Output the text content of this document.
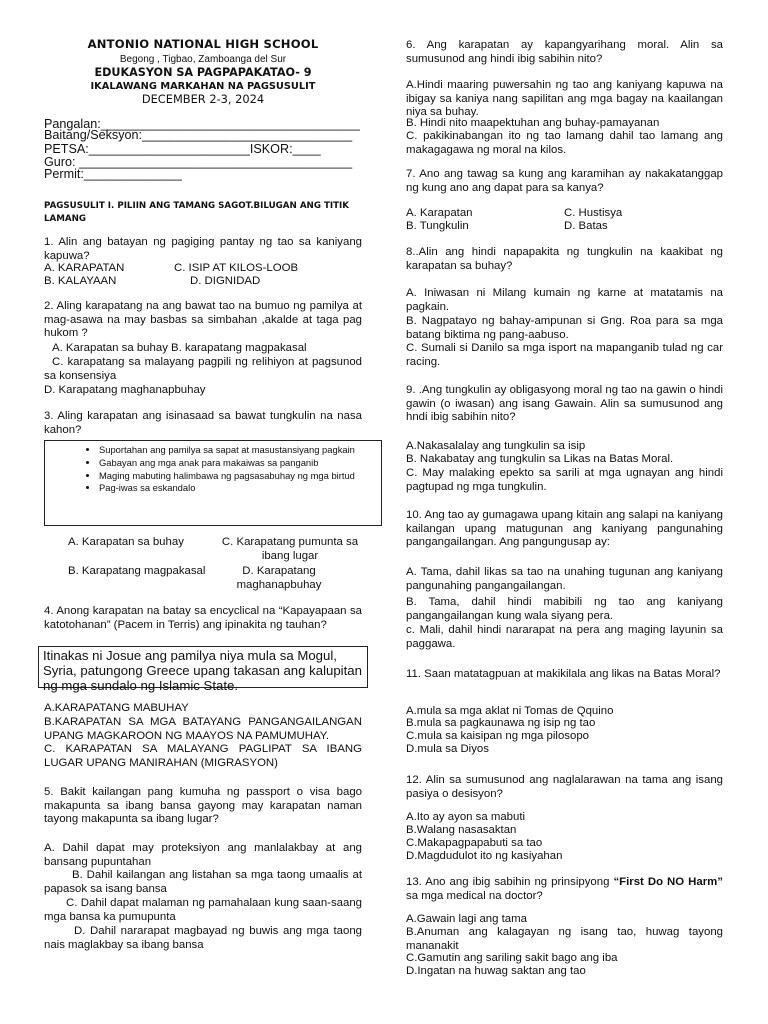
ANTONIO NATIONAL HIGH SCHOOL
Begong , Tigbao, Zamboanga del Sur
EDUKASYON SA PAGPAPAKATAO- 9
IKALAWANG MARKAHAN NA PAGSUSULIT
DECEMBER 2-3, 2024

Pangalan:_____________________________________

Baitang/Seksyon:______________________________

PETSA:_______________________ISKOR:____

Guro: _______________________________________

Permit:______________

PAGSUSULIT I. PILIIN ANG TAMANG SAGOT.BILUGAN ANG TITIK LAMANG

1. Alin ang batayan ng pagiging pantay ng tao sa kaniyang kapuwa?

A. KARAPATAN	C. ISIP AT KILOS-LOOB
B. KALAYAAN	D. DIGNIDAD

2. Aling karapatang na ang bawat tao na bumuo ng pamilya at mag-asawa na may basbas sa simbahan ,akalde at taga pag hukom ?

A. Karapatan sa buhay B. karapatang magpakasal

C. karapatang sa malayang pagpili ng relihiyon at pagsunod sa konsensiya

D. Karapatang maghanapbuhay

3. Aling karapatan ang isinasaad sa bawat tungkulin na nasa kahon?

• Suportahan ang pamilya sa sapat at masustansiyang pagkain
• Gabayan ang mga anak para makaiwas sa panganib
• Maging mabuting halimbawa ng pagsasabuhay ng mga birtud
• Pag-iwas sa eskandalo

A. Karapatan sa buhay	C. Karapatang pumunta sa ibang lugar

B. Karapatang magpakasal	D. Karapatang maghanapbuhay

4. Anong karapatan na batay sa encyclical na “Kapayapaan sa katotohanan” (Pacem in Terris) ang ipinakita ng tauhan?

Itinakas ni Josue ang pamilya niya mula sa Mogul, Syria, patungong Greece upang takasan ang kalupitan ng mga sundalo ng Islamic State.

A.KARAPATANG MABUHAY

B.KARAPATAN SA MGA BATAYANG PANGANGAILANGAN UPANG MAGKAROON NG MAAYOS NA PAMUMUHAY.

C. KARAPATAN SA MALAYANG PAGLIPAT SA IBANG LUGAR UPANG MANIRAHAN (MIGRASYON)

5. Bakit kailangan pang kumuha ng passport o visa bago makapunta sa ibang bansa gayong may karapatan naman tayong makapunta sa ibang lugar?

A. Dahil dapat may proteksiyon ang manlalakbay at ang bansang pupuntahan

B. Dahil kailangan ang listahan sa mga taong umaalis at papasok sa isang bansa

C. Dahil dapat malaman ng pamahalaan kung saan-saang mga bansa ka pumupunta

D. Dahil nararapat magbayad ng buwis ang mga taong nais maglakbay sa ibang bansa

6. Ang karapatan ay kapangyarihang moral. Alin sa sumusunod ang hindi ibig sabihin nito?

A.Hindi maaring puwersahin ng tao ang kaniyang kapuwa na ibigay sa kaniya nang sapilitan ang mga bagay na kaailangan niya sa buhay.

B. Hindi nito maapektuhan ang buhay-pamayanan

C. pakikinabangan ito ng tao lamang dahil tao lamang ang makagagawa ng moral na kilos.

7. Ano ang tawag sa kung ang karamihan ay nakakatanggap ng kung ano ang dapat para sa kanya?

A. Karapatan	C. Hustisya

B. Tungkulin	D. Batas

8..Alin ang hindi napapakita ng tungkulin na kaakibat ng karapatan sa buhay?

A. Iniwasan ni Milang kumain ng karne at matatamis na pagkain.

B. Nagpatayo ng bahay-ampunan si Gng. Roa para sa mga batang biktima ng pang-aabuso.

C. Sumali si Danilo sa mga isport na mapanganib tulad ng car racing.

9. .Ang tungkulin ay obligasyong moral ng tao na gawin o hindi gawin (o iwasan) ang isang Gawain. Alin sa sumusunod ang hndi ibig sabihin nito?

A.Nakasalalay ang tungkulin sa isip

B. Nakabatay ang tungkulin sa Likas na Batas Moral.

C. May malaking epekto sa sarili at mga ugnayan ang hindi pagtupad ng mga tungkulin.

10. Ang tao ay gumagawa upang kitain ang salapi na kaniyang kailangan upang matugunan ang kaniyang pangunahing pangangailangan. Ang pangungusap ay:

A. Tama, dahil likas sa tao na unahing tugunan ang kaniyang pangunahing pangangailangan.

B. Tama, dahil hindi mabibili ng tao ang kaniyang pangangailangan kung wala siyang pera.

c. Mali, dahil hindi nararapat na pera ang maging layunin sa paggawa.

11. Saan matatagpuan at makikilala ang likas na Batas Moral?

A.mula sa mga aklat ni Tomas de Qquino

B.mula sa pagkaunawa ng isip ng tao

C.mula sa kaisipan ng mga pilosopo

D.mula sa Diyos

12. Alin sa sumusunod ang naglalarawan na tama ang isang pasiya o desisyon?

A.Ito ay ayon sa mabuti

B.Walang nasasaktan

C.Makapagpapabuti sa tao

D.Magdudulot ito ng kasiyahan

13. Ano ang ibig sabihin ng prinsipyong “First Do NO Harm” sa mga medical na doctor?

A.Gawain lagi ang tama

B.Anuman ang kalagayan ng isang tao, huwag tayong mananakit

C.Gamutin ang sariling sakit bago ang iba

D.Ingatan na huwag saktan ang tao
